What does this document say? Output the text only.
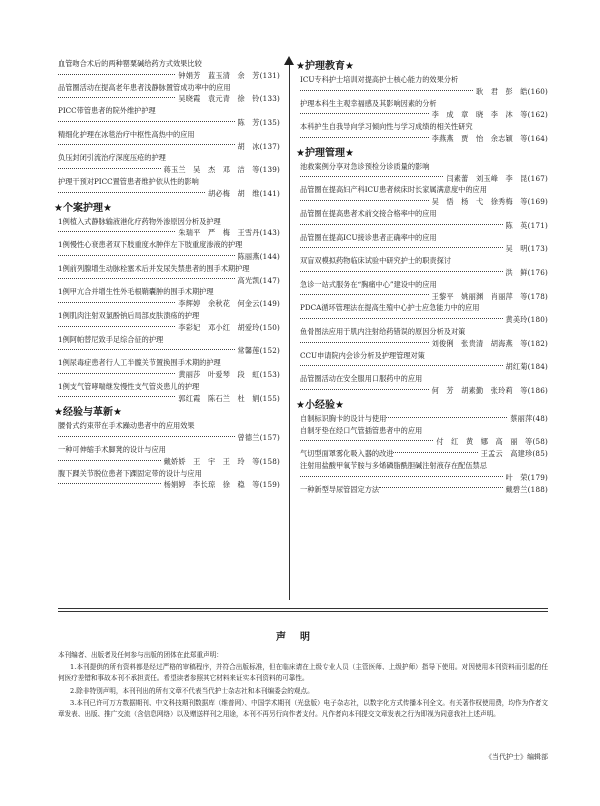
血管吻合术后的两种罂粟碱给药方式效果比较
钟娟芳　蓝玉清　余　芳(131)
品管圈活动在提高老年患者浅静脉置管成功率中的应用
吴晓霞　袁元青　徐　铃(133)
PICC带管患者的院外维护护理
陈　芳(135)
精细化护理在冰毯治疗中枢性高热中的应用
胡　冰(137)
负压封闭引流治疗深度压疮的护理
蒋玉兰　吴　杰　邓　洁　等(139)
护理干预对PICC置管患者维护依从性的影响
胡必梅　胡　维(141)
★个案护理★
1例植入式静脉输液港化疗药物外渗原因分析及护理
朱瑞平　严　梅　王雪丹(143)
1例慢性心衰患者双下肢重度水肿伴左下肢重度渗液的护理
陈丽燕(144)
1例前列腺增生动脉栓塞术后并发尿失禁患者的围手术期护理
高光凯(147)
1例甲亢合并增生性外毛根鞘囊肿的围手术期护理
李辉婷　余秋花　何金云(149)
1例肌肉注射双氯酚钠后局部皮肤溃疡的护理
李彩妃　邓小红　胡爱玲(150)
1例阿帕替尼致手足综合征的护理
常馨莲(152)
1例尿毒症患者行人工半髋关节置换围手术期的护理
黄丽莎　叶爱琴　段　虹(153)
1例支气管哮喘继发慢性支气管炎患儿的护理
郭红霞　陈石兰　杜　娟(155)
★经验与革新★
腰骨式约束带在手术躁动患者中的应用效果
曾德兰(157)
一种可伸缩手术脚凳的设计与应用
戴娇娇　王　宇　王　玲　等(158)
腹下踝关节脱位患者下踝固定带的设计与应用
杨娟婷　李长琼　徐　稳　等(159)
★护理教育★
ICU专科护士培训对提高护士核心能力的效果分析
耿　君　彭　皓(160)
护理本科生主观幸福感及其影响因素的分析
李　成　章　晓　李　沐　等(162)
本科护生自我导向学习倾向性与学习成绩的相关性研究
李燕燕　贾　怡　余志颖　等(164)
★护理管理★
池救案例分享对急诊预检分诊质量的影响
闫素蕾　刘玉峰　李　昆(167)
品管圈在提高妇产科ICU患者候床时长家属满意度中的应用
吴　悟　杨　弋　徐秀梅　等(169)
品管圈在提高患者术前交接合格率中的应用
陈　英(171)
品管圈在提高ICU接诊患者正确率中的应用
吴　明(173)
双盲双模拟药物临床试验中研究护士的职责探讨
洪　鲜(176)
急诊一站式服务在“胸痛中心”建设中的应用
王黎平　姚丽渊　肖丽萍　等(178)
PDCA循环管理法在提高生殖中心护士应急能力中的应用
黄美玲(180)
鱼骨图法应用于肌内注射给药错误的原因分析及对策
刘俊俐　张贵清　胡海燕　等(182)
CCU申请院内会诊分析及护理管理对策
胡红菊(184)
品管圈活动在安全服用口服药中的应用
何　芳　胡素勤　张玲莉　等(186)
★小经验★
自制标识胸卡的设计与使用	蔡丽萍(48)
自制牙垫在经口气管插管患者中的应用
付　红　黄　娜　高　丽　等(58)
气切型面罩雾化吸入器的改进	王孟云　高建珍(85)
注射用盐酸甲氧苄胺与多烯磷脂酰胆碱注射液存在配伍禁忌
叶　荣(179)
一种新型导尿管固定方法	戴碧兰(188)
声明
本刊编者、出版者及任何参与出版的团体在此郑重声明：
1.本刊提供的所有资料都是经过严格的审稿程序，并符合出版标准，但在临床请在上级专业人员（主管医师、上级护师）指导下使用。对因使用本刊资料而引起的任何医疗差错和事故本刊不承担责任。希望读者参照其它材料来证实本刊资料的可靠性。
2.除非特别声明，本刊刊出的所有文章不代表当代护士杂志社和本刊编委会的观点。
3.本刊已许可万方数据期刊、中文科技期刊数据库（维普网）、中国学术期刊（光盘版）电子杂志社，以数字化方式传播本刊全文。有关著作权使用费，均作为作者文章发表、出版、推广交流（含信息网络）以及赠送样刊之用途，本刊不再另行向作者支付。凡作者向本刊提交文章发表之行为即视为同意我社上述声明。
《当代护士》编辑部
